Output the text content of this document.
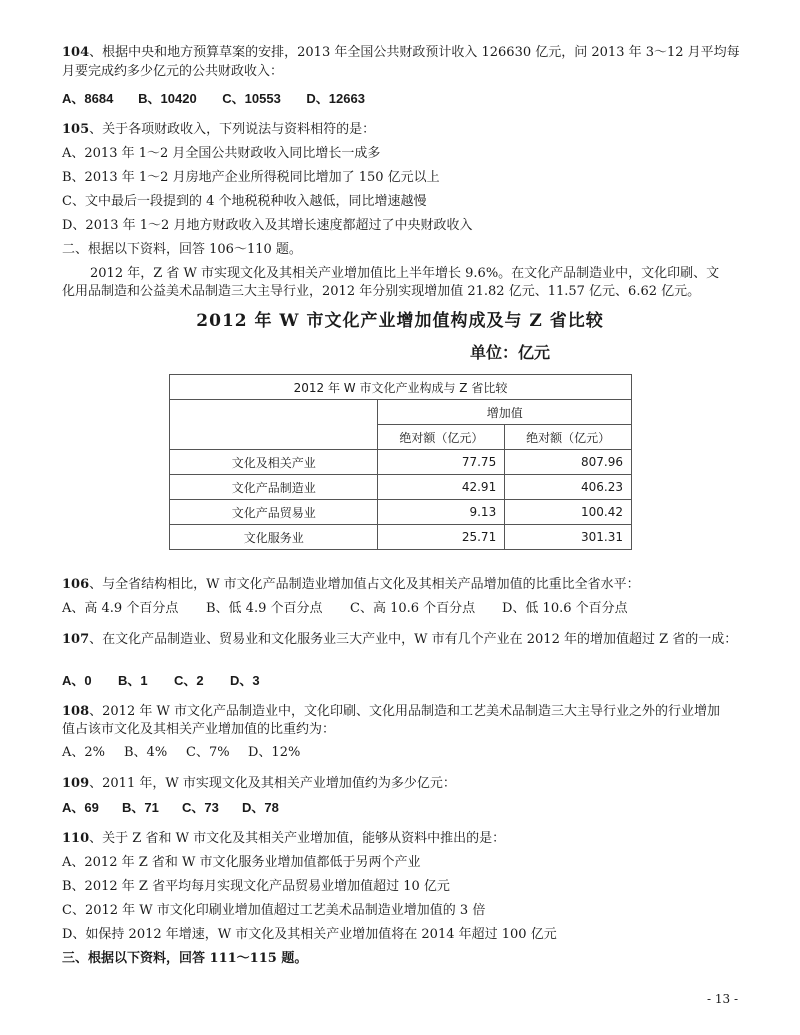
104、根据中央和地方预算草案的安排，2013 年全国公共财政预计收入 126630 亿元，问 2013 年 3～12 月平均每
月要完成约多少亿元的公共财政收入：
A、8684 B、10420 C、10553 D、12663
105、关于各项财政收入，下列说法与资料相符的是：
A、2013 年 1～2 月全国公共财政收入同比增长一成多
B、2013 年 1～2 月房地产企业所得税同比增加了 150 亿元以上
C、文中最后一段提到的 4 个地税税种收入越低，同比增速越慢
D、2013 年 1～2 月地方财政收入及其增长速度都超过了中央财政收入
二、根据以下资料，回答 106～110 题。
2012 年，Z 省 W 市实现文化及其相关产业增加值比上半年增长 9.6%。在文化产品制造业中，文化印刷、文
化用品制造和公益美术品制造三大主导行业，2012 年分别实现增加值 21.82 亿元、11.57 亿元、6.62 亿元。
2012 年 W 市文化产业增加值构成及与 Z 省比较
单位：亿元
2012 年 W 市文化产业构成与 Z 省比较		
	增加值	
	绝对额（亿元）	绝对额（亿元）
文化及相关产业	77.75	807.96
文化产品制造业	42.91	406.23
文化产品贸易业	9.13	100.42
文化服务业	25.71	301.31
106、与全省结构相比，W 市文化产品制造业增加值占文化及其相关产品增加值的比重比全省水平：
A、高 4.9 个百分点 B、低 4.9 个百分点 C、高 10.6 个百分点 D、低 10.6 个百分点
107、在文化产品制造业、贸易业和文化服务业三大产业中，W 市有几个产业在 2012 年的增加值超过 Z 省的一成：
A、0 B、1 C、2 D、3
108、2012 年 W 市文化产品制造业中，文化印刷、文化用品制造和工艺美术品制造三大主导行业之外的行业增加
值占该市文化及其相关产业增加值的比重约为：
A、2% B、4% C、7% D、12%
109、2011 年，W 市实现文化及其相关产业增加值约为多少亿元：
A、69 B、71 C、73 D、78
110、关于 Z 省和 W 市文化及其相关产业增加值，能够从资料中推出的是：
A、2012 年 Z 省和 W 市文化服务业增加值都低于另两个产业
B、2012 年 Z 省平均每月实现文化产品贸易业增加值超过 10 亿元
C、2012 年 W 市文化印刷业增加值超过工艺美术品制造业增加值的 3 倍
D、如保持 2012 年增速，W 市文化及其相关产业增加值将在 2014 年超过 100 亿元
三、根据以下资料，回答 111～115 题。
- 13 -
